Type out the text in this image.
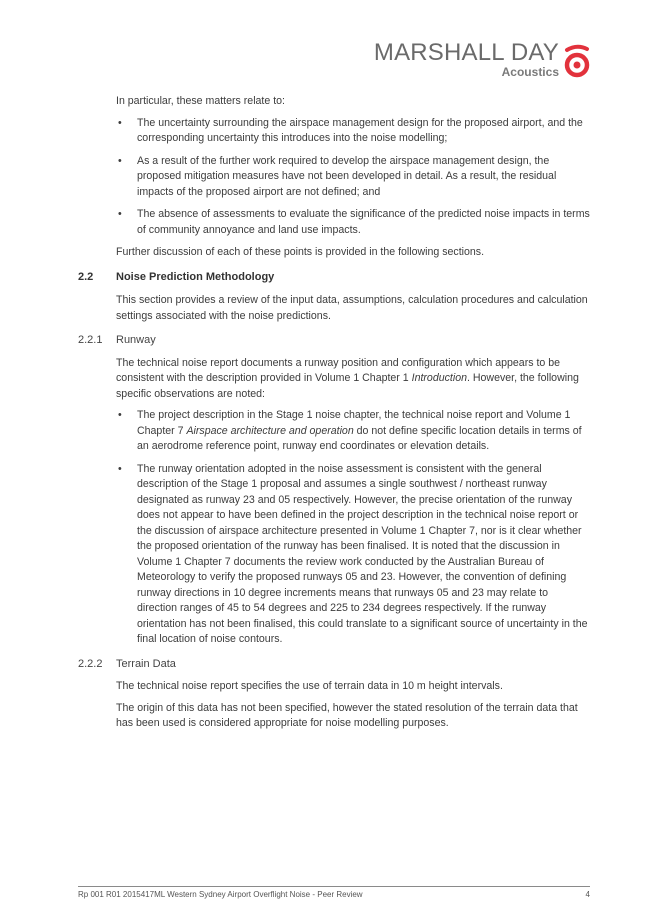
MARSHALL DAY
Acoustics

In particular, these matters relate to:

• The uncertainty surrounding the airspace management design for the proposed airport, and the corresponding uncertainty this introduces into the noise modelling;
• As a result of the further work required to develop the airspace management design, the proposed mitigation measures have not been developed in detail. As a result, the residual impacts of the proposed airport are not defined; and
• The absence of assessments to evaluate the significance of the predicted noise impacts in terms of community annoyance and land use impacts.

Further discussion of each of these points is provided in the following sections.

2.2	Noise Prediction Methodology

This section provides a review of the input data, assumptions, calculation procedures and calculation settings associated with the noise predictions.

2.2.1	Runway

The technical noise report documents a runway position and configuration which appears to be consistent with the description provided in Volume 1 Chapter 1 Introduction. However, the following specific observations are noted:

• The project description in the Stage 1 noise chapter, the technical noise report and Volume 1 Chapter 7 Airspace architecture and operation do not define specific location details in terms of an aerodrome reference point, runway end coordinates or elevation details.
• The runway orientation adopted in the noise assessment is consistent with the general description of the Stage 1 proposal and assumes a single southwest / northeast runway designated as runway 23 and 05 respectively. However, the precise orientation of the runway does not appear to have been defined in the project description in the technical noise report or the discussion of airspace architecture presented in Volume 1 Chapter 7, nor is it clear whether the proposed orientation of the runway has been finalised. It is noted that the discussion in Volume 1 Chapter 7 documents the review work conducted by the Australian Bureau of Meteorology to verify the proposed runways 05 and 23. However, the convention of defining runway directions in 10 degree increments means that runways 05 and 23 may relate to direction ranges of 45 to 54 degrees and 225 to 234 degrees respectively. If the runway orientation has not been finalised, this could translate to a significant source of uncertainty in the final location of noise contours.
2.2.2	Terrain Data

The technical noise report specifies the use of terrain data in 10 m height intervals.

The origin of this data has not been specified, however the stated resolution of the terrain data that has been used is considered appropriate for noise modelling purposes.

Rp 001 R01 2015417ML Western Sydney Airport Overflight Noise - Peer Review	4
